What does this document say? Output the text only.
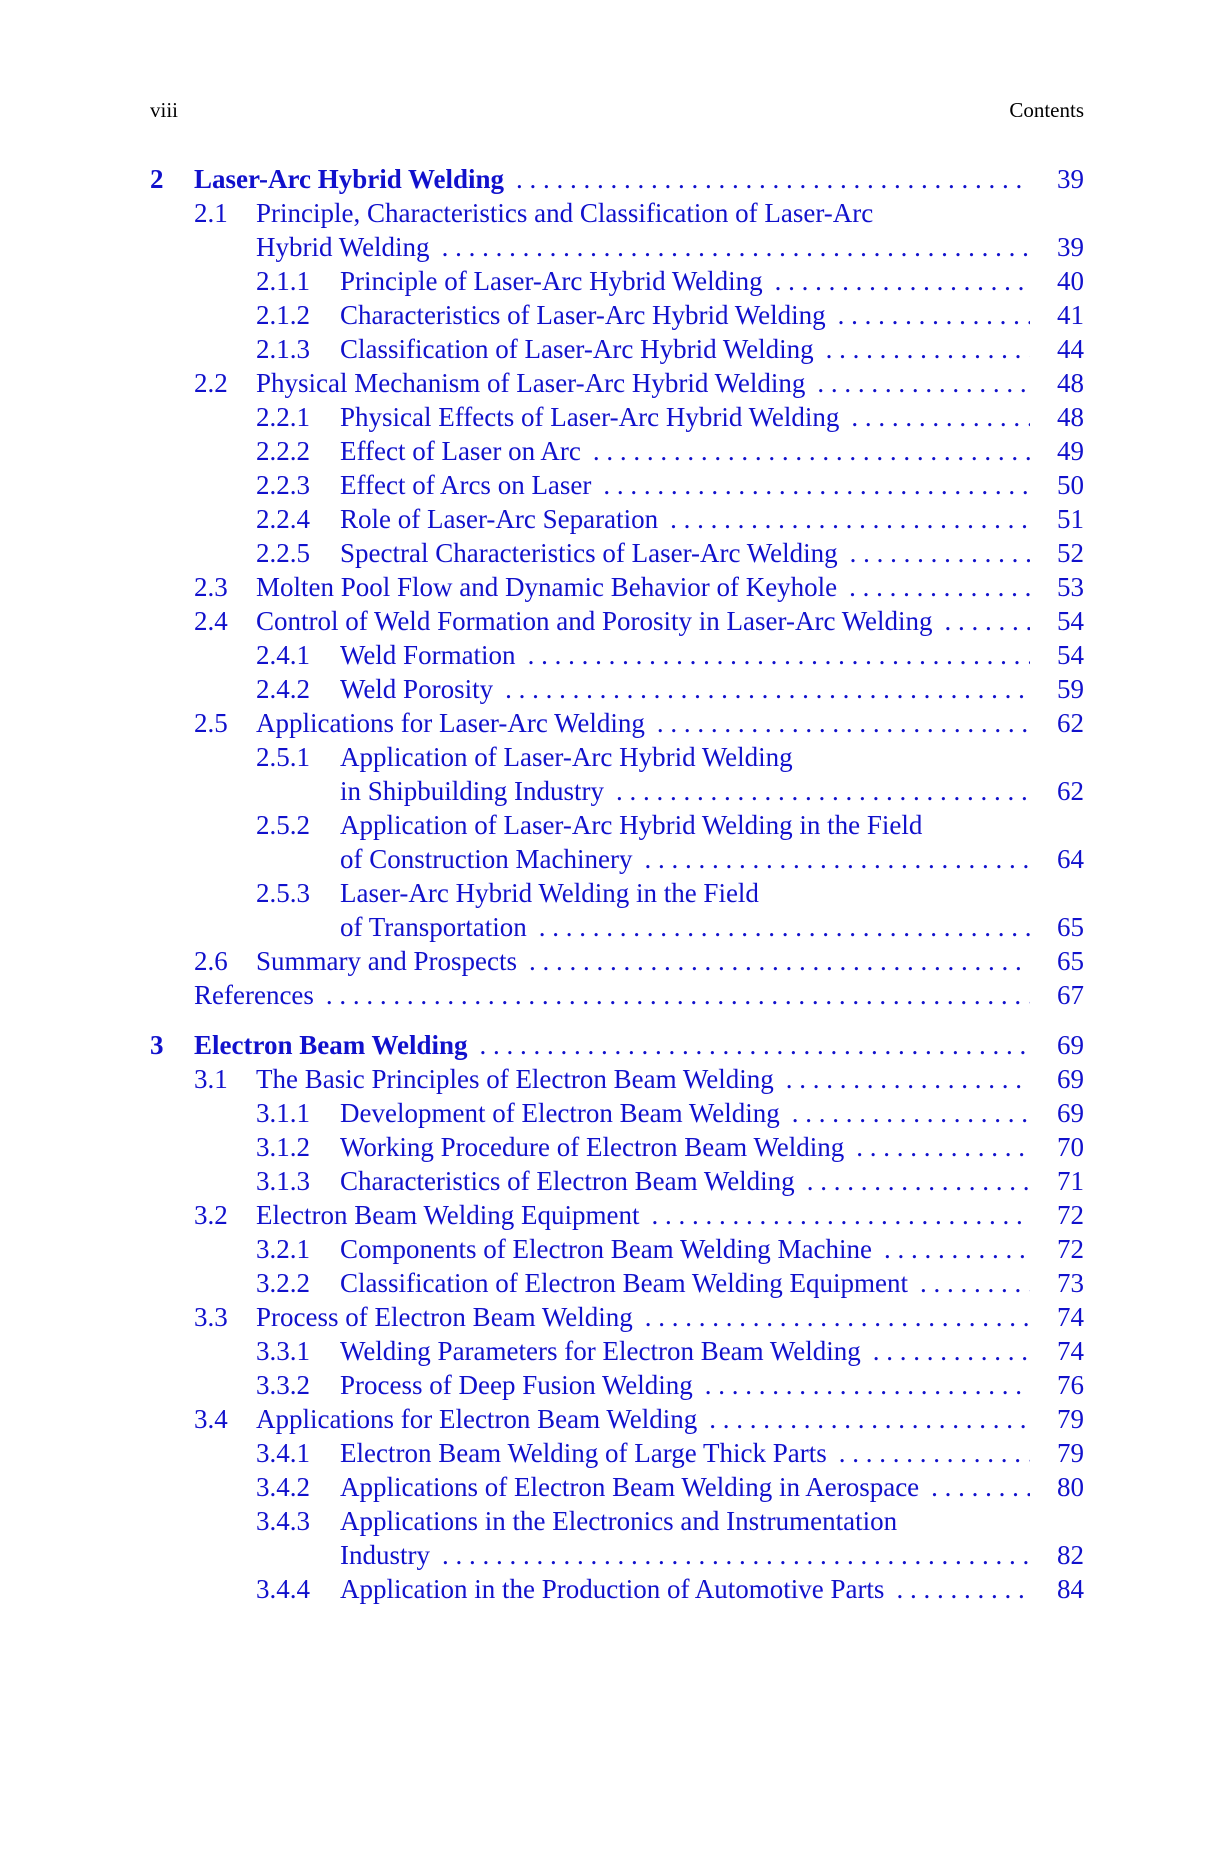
viii	Contents
2 Laser-Arc Hybrid Welding . . .	39
2.1 Principle, Characteristics and Classification of Laser-Arc
Hybrid Welding . . .	39
2.1.1 Principle of Laser-Arc Hybrid Welding . . .	40
2.1.2 Characteristics of Laser-Arc Hybrid Welding . . .	41
2.1.3 Classification of Laser-Arc Hybrid Welding . . .	44
2.2 Physical Mechanism of Laser-Arc Hybrid Welding . . .	48
2.2.1 Physical Effects of Laser-Arc Hybrid Welding . . .	48
2.2.2 Effect of Laser on Arc . . .	49
2.2.3 Effect of Arcs on Laser . . .	50
2.2.4 Role of Laser-Arc Separation . . .	51
2.2.5 Spectral Characteristics of Laser-Arc Welding . . .	52
2.3 Molten Pool Flow and Dynamic Behavior of Keyhole . . .	53
2.4 Control of Weld Formation and Porosity in Laser-Arc Welding . . .	54
2.4.1 Weld Formation . . .	54
2.4.2 Weld Porosity . . .	59
2.5 Applications for Laser-Arc Welding . . .	62
2.5.1 Application of Laser-Arc Hybrid Welding
in Shipbuilding Industry . . .	62
2.5.2 Application of Laser-Arc Hybrid Welding in the Field
of Construction Machinery . . .	64
2.5.3 Laser-Arc Hybrid Welding in the Field
of Transportation . . .	65
2.6 Summary and Prospects . . .	65
References . . .	67
3 Electron Beam Welding . . .	69
3.1 The Basic Principles of Electron Beam Welding . . .	69
3.1.1 Development of Electron Beam Welding . . .	69
3.1.2 Working Procedure of Electron Beam Welding . . .	70
3.1.3 Characteristics of Electron Beam Welding . . .	71
3.2 Electron Beam Welding Equipment . . .	72
3.2.1 Components of Electron Beam Welding Machine . . .	72
3.2.2 Classification of Electron Beam Welding Equipment . . .	73
3.3 Process of Electron Beam Welding . . .	74
3.3.1 Welding Parameters for Electron Beam Welding . . .	74
3.3.2 Process of Deep Fusion Welding . . .	76
3.4 Applications for Electron Beam Welding . . .	79
3.4.1 Electron Beam Welding of Large Thick Parts . . .	79
3.4.2 Applications of Electron Beam Welding in Aerospace . . .	80
3.4.3 Applications in the Electronics and Instrumentation
Industry . . .	82
3.4.4 Application in the Production of Automotive Parts . . .	84
